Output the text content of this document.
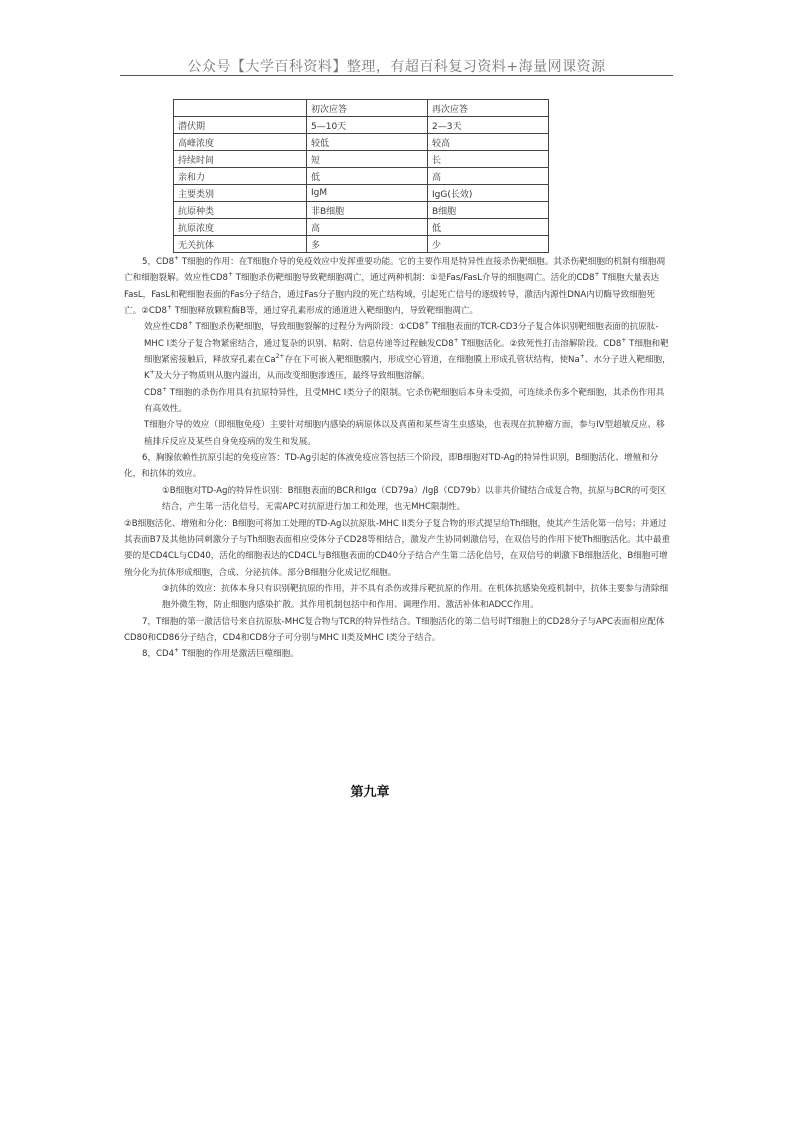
公众号【大学百科资料】整理，有超百科复习资料+海量网课资源
	初次应答	再次应答
潜伏期	5—10天	2—3天
高峰浓度	较低	较高
持续时间	短	长
亲和力	低	高
主要类别	IgM	IgG(长效)
抗原种类	非B细胞	B细胞
抗原浓度	高	低
无关抗体	多	少

5，CD8+ T细胞的作用：在T细胞介导的免疫效应中发挥重要功能。它的主要作用是特异性直接杀伤靶细胞。其杀伤靶细胞的机制有细胞凋亡和细胞裂解。效应性CD8+ T细胞杀伤靶细胞导致靶细胞凋亡，通过两种机制：①是Fas/FasL介导的细胞凋亡。活化的CD8+ T细胞大量表达FasL，FasL和靶细胞表面的Fas分子结合，通过Fas分子胞内段的死亡结构域，引起死亡信号的逐级转导，激活内源性DNA内切酶导致细胞死亡。②CD8+ T细胞释放颗粒酶B等，通过穿孔素形成的通道进入靶细胞内，导致靶细胞凋亡。

效应性CD8+ T细胞杀伤靶细胞，导致细胞裂解的过程分为两阶段：①CD8+ T细胞表面的TCR-CD3分子复合体识别靶细胞表面的抗原肽-MHC I类分子复合物紧密结合，通过复杂的识别、粘附、信息传递等过程触发CD8+ T细胞活化。②致死性打击溶解阶段。CD8+ T细胞和靶细胞紧密接触后，释放穿孔素在$Ca^{2+}$存在下可嵌入靶细胞膜内，形成空心管道，在细胞膜上形成孔管状结构，使Na+、水分子进入靶细胞，K+及大分子物质则从胞内溢出，从而改变细胞渗透压，最终导致细胞溶解。

CD8+ T细胞的杀伤作用具有抗原特异性，且受MHC I类分子的限制。它杀伤靶细胞后本身未受损，可连续杀伤多个靶细胞，其杀伤作用具有高效性。

T细胞介导的效应（即细胞免疫）主要针对细胞内感染的病原体以及真菌和某些寄生虫感染，也表现在抗肿瘤方面，参与IV型超敏反应、移植排斥反应及某些自身免疫病的发生和发展。

6，胸腺依赖性抗原引起的免疫应答：TD-Ag引起的体液免疫应答包括三个阶段，即B细胞对TD-Ag的特异性识别，B细胞活化、增殖和分化，和抗体的效应。

①B细胞对TD-Ag的特异性识别：B细胞表面的BCR和Igα（CD79a）/Igβ（CD79b）以非共价键结合成复合物，抗原与BCR的可变区结合，产生第一活化信号，无需APC对抗原进行加工和处理，也无MHC限制性。

②B细胞活化、增殖和分化：B细胞可将加工处理的TD-Ag以抗原肽-MHC II类分子复合物的形式提呈给Th细胞，使其产生活化第一信号；并通过其表面B7及其他协同刺激分子与Th细胞表面相应受体分子CD28等相结合，激发产生协同刺激信号，在双信号的作用下使Th细胞活化。其中最重要的是CD4CL与CD40，活化的细胞表达的CD4CL与B细胞表面的CD40分子结合产生第二活化信号，在双信号的刺激下B细胞活化，B细胞可增殖分化为抗体形成细胞，合成、分泌抗体。部分B细胞分化成记忆细胞。

③抗体的效应：抗体本身只有识别靶抗原的作用，并不具有杀伤或排斥靶抗原的作用。在机体抗感染免疫机制中，抗体主要参与清除细胞外微生物，防止细胞内感染扩散。其作用机制包括中和作用、调理作用、激活补体和ADCC作用。

7，T细胞的第一激活信号来自抗原肽-MHC复合物与TCR的特异性结合。T细胞活化的第二信号时T细胞上的CD28分子与APC表面相应配体CD80和CD86分子结合，CD4和CD8分子可分别与MHC II类及MHC I类分子结合。

8，CD4+ T细胞的作用是激活巨噬细胞。

第九章
